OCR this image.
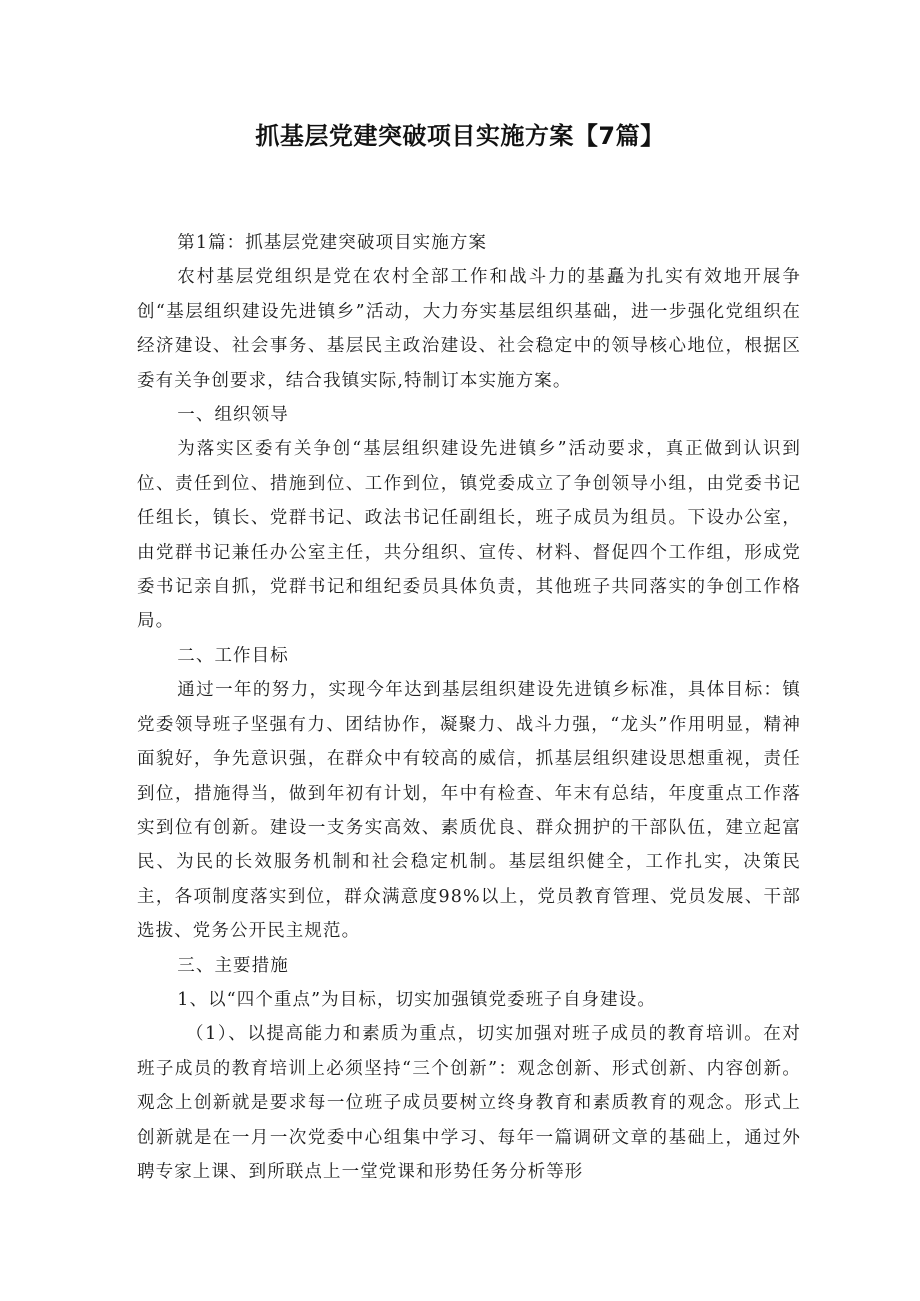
抓基层党建突破项目实施方案【7篇】

第1篇：抓基层党建突破项目实施方案

农村基层党组织是党在农村全部工作和战斗力的基矗为扎实有效地开展争创“基层组织建设先进镇乡”活动，大力夯实基层组织基础，进一步强化党组织在经济建设、社会事务、基层民主政治建设、社会稳定中的领导核心地位，根据区委有关争创要求，结合我镇实际,特制订本实施方案。

一、组织领导

为落实区委有关争创“基层组织建设先进镇乡”活动要求，真正做到认识到位、责任到位、措施到位、工作到位，镇党委成立了争创领导小组，由党委书记任组长，镇长、党群书记、政法书记任副组长，班子成员为组员。下设办公室，由党群书记兼任办公室主任，共分组织、宣传、材料、督促四个工作组，形成党委书记亲自抓，党群书记和组纪委员具体负责，其他班子共同落实的争创工作格局。

二、工作目标

通过一年的努力，实现今年达到基层组织建设先进镇乡标准，具体目标：镇党委领导班子坚强有力、团结协作，凝聚力、战斗力强，“龙头”作用明显，精神面貌好，争先意识强，在群众中有较高的威信，抓基层组织建设思想重视，责任到位，措施得当，做到年初有计划，年中有检查、年末有总结，年度重点工作落实到位有创新。建设一支务实高效、素质优良、群众拥护的干部队伍，建立起富民、为民的长效服务机制和社会稳定机制。基层组织健全，工作扎实，决策民主，各项制度落实到位，群众满意度98%以上，党员教育管理、党员发展、干部选拔、党务公开民主规范。

三、主要措施

1、以“四个重点”为目标，切实加强镇党委班子自身建设。

（1）、以提高能力和素质为重点，切实加强对班子成员的教育培训。在对班子成员的教育培训上必须坚持“三个创新”：观念创新、形式创新、内容创新。观念上创新就是要求每一位班子成员要树立终身教育和素质教育的观念。形式上创新就是在一月一次党委中心组集中学习、每年一篇调研文章的基础上，通过外聘专家上课、到所联点上一堂党课和形势任务分析等形
